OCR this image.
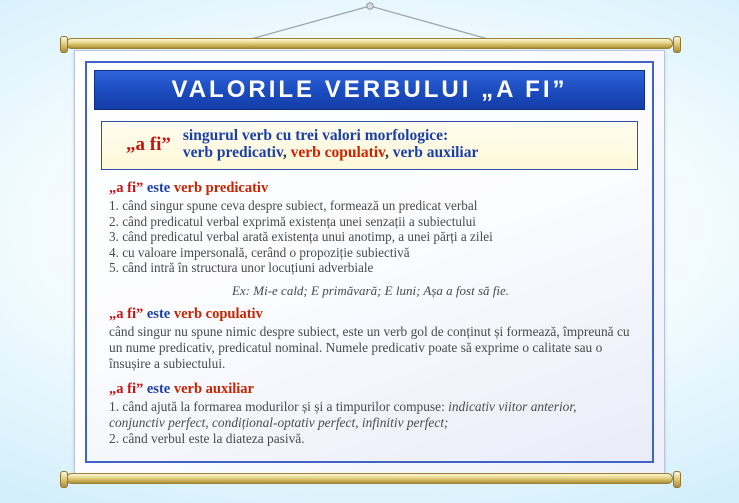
VALORILE VERBULUI „A FI”
„a fi” singurul verb cu trei valori morfologice:
verb predicativ, verb copulativ, verb auxiliar
„a fi” este verb predicativ

1. când singur spune ceva despre subiect, formează un predicat verbal

2. când predicatul verbal exprimă existența unei senzații a subiectului

3. când predicatul verbal arată existența unui anotimp, a unei părți a zilei

4. cu valoare impersonală, cerând o propoziție subiectivă

5. când intră în structura unor locuțiuni adverbiale

Ex: Mi-e cald; E primăvară; E luni; Așa a fost să fie.
„a fi” este verb copulativ
când singur nu spune nimic despre subiect, este un verb gol de conținut și formează, împreună cu un nume predicativ, predicatul nominal. Numele predicativ poate să exprime o calitate sau o însușire a subiectului.
„a fi” este verb auxiliar
1. când ajută la formarea modurilor și și a timpurilor compuse: indicativ viitor anterior, conjunctiv perfect, condițional-optativ perfect, infinitiv perfect;
2. când verbul este la diateza pasivă.
